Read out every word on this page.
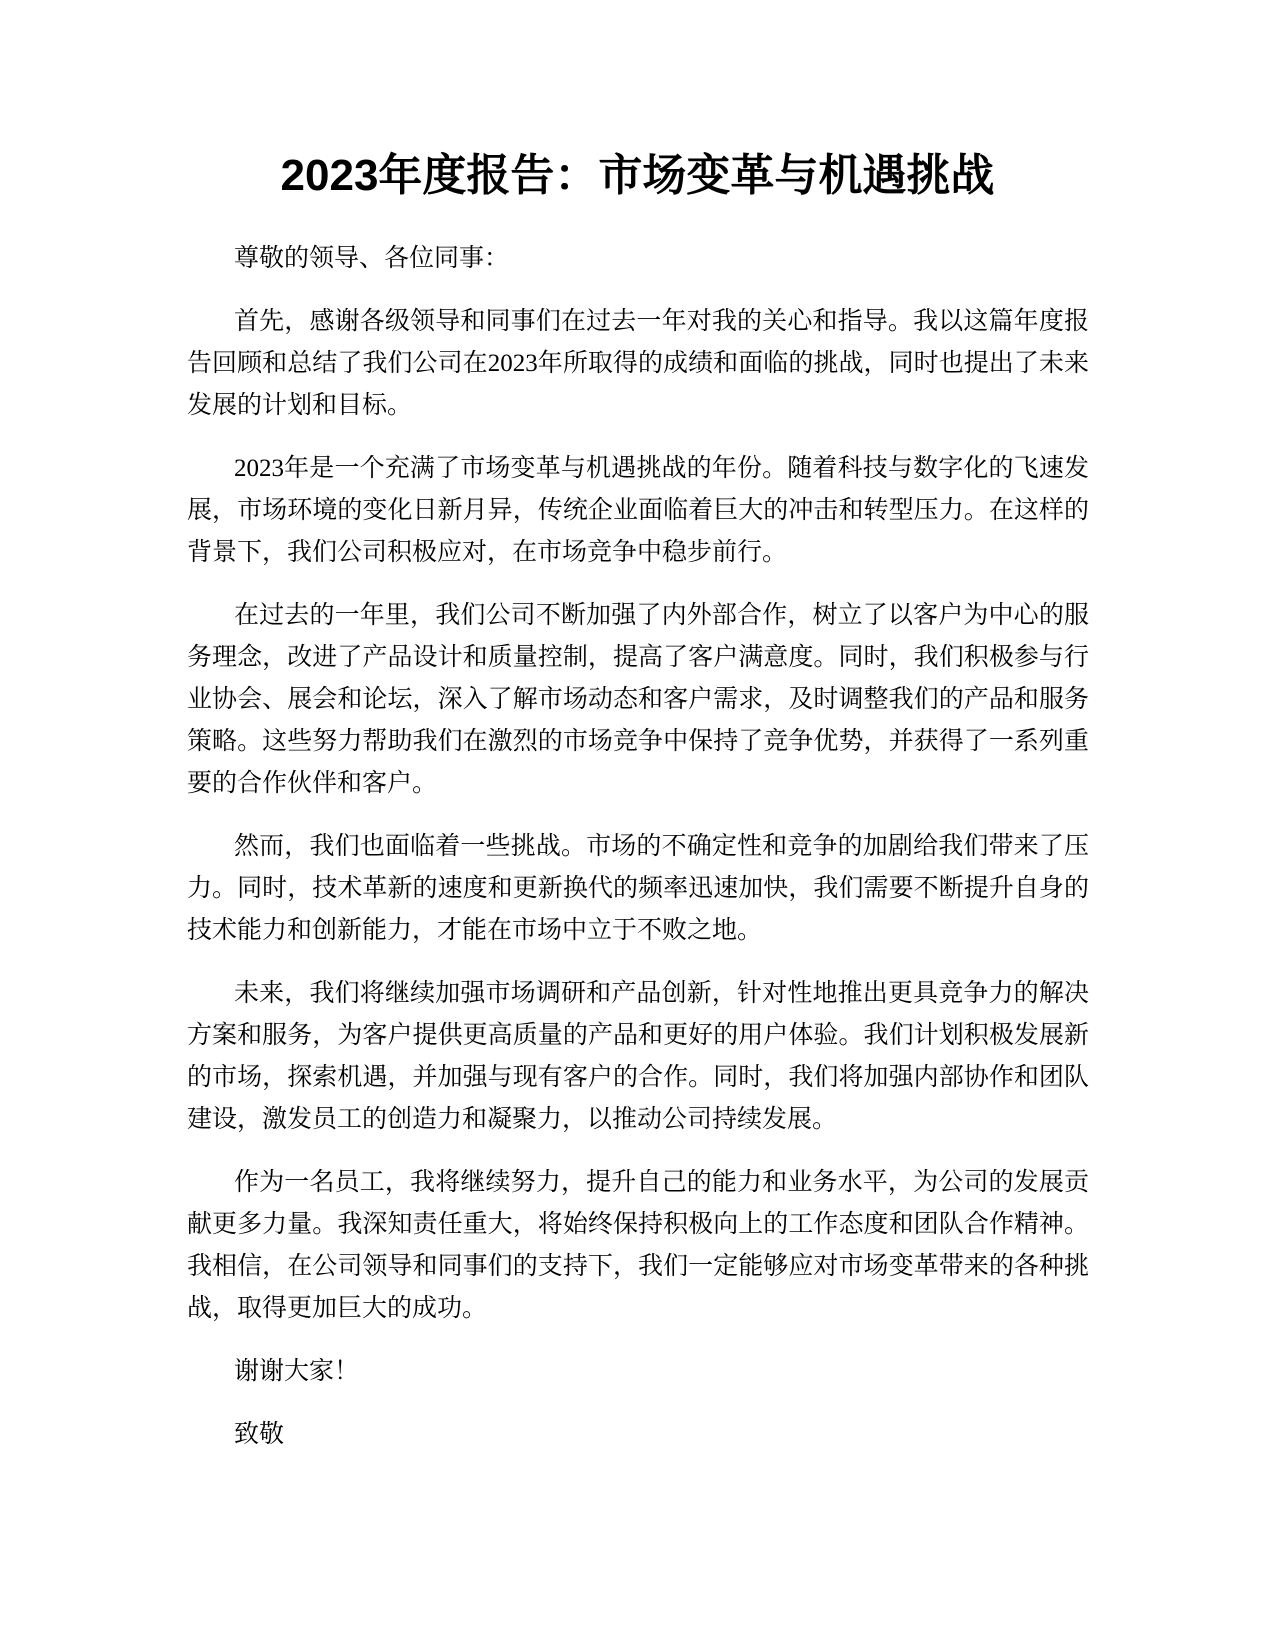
2023年度报告：市场变革与机遇挑战

尊敬的领导、各位同事：

首先，感谢各级领导和同事们在过去一年对我的关心和指导。我以这篇年度报告回顾和总结了我们公司在2023年所取得的成绩和面临的挑战，同时也提出了未来发展的计划和目标。

2023年是一个充满了市场变革与机遇挑战的年份。随着科技与数字化的飞速发展，市场环境的变化日新月异，传统企业面临着巨大的冲击和转型压力。在这样的背景下，我们公司积极应对，在市场竞争中稳步前行。

在过去的一年里，我们公司不断加强了内外部合作，树立了以客户为中心的服务理念，改进了产品设计和质量控制，提高了客户满意度。同时，我们积极参与行业协会、展会和论坛，深入了解市场动态和客户需求，及时调整我们的产品和服务策略。这些努力帮助我们在激烈的市场竞争中保持了竞争优势，并获得了一系列重要的合作伙伴和客户。

然而，我们也面临着一些挑战。市场的不确定性和竞争的加剧给我们带来了压力。同时，技术革新的速度和更新换代的频率迅速加快，我们需要不断提升自身的技术能力和创新能力，才能在市场中立于不败之地。

未来，我们将继续加强市场调研和产品创新，针对性地推出更具竞争力的解决方案和服务，为客户提供更高质量的产品和更好的用户体验。我们计划积极发展新的市场，探索机遇，并加强与现有客户的合作。同时，我们将加强内部协作和团队建设，激发员工的创造力和凝聚力，以推动公司持续发展。

作为一名员工，我将继续努力，提升自己的能力和业务水平，为公司的发展贡献更多力量。我深知责任重大，将始终保持积极向上的工作态度和团队合作精神。我相信，在公司领导和同事们的支持下，我们一定能够应对市场变革带来的各种挑战，取得更加巨大的成功。

谢谢大家！

致敬
